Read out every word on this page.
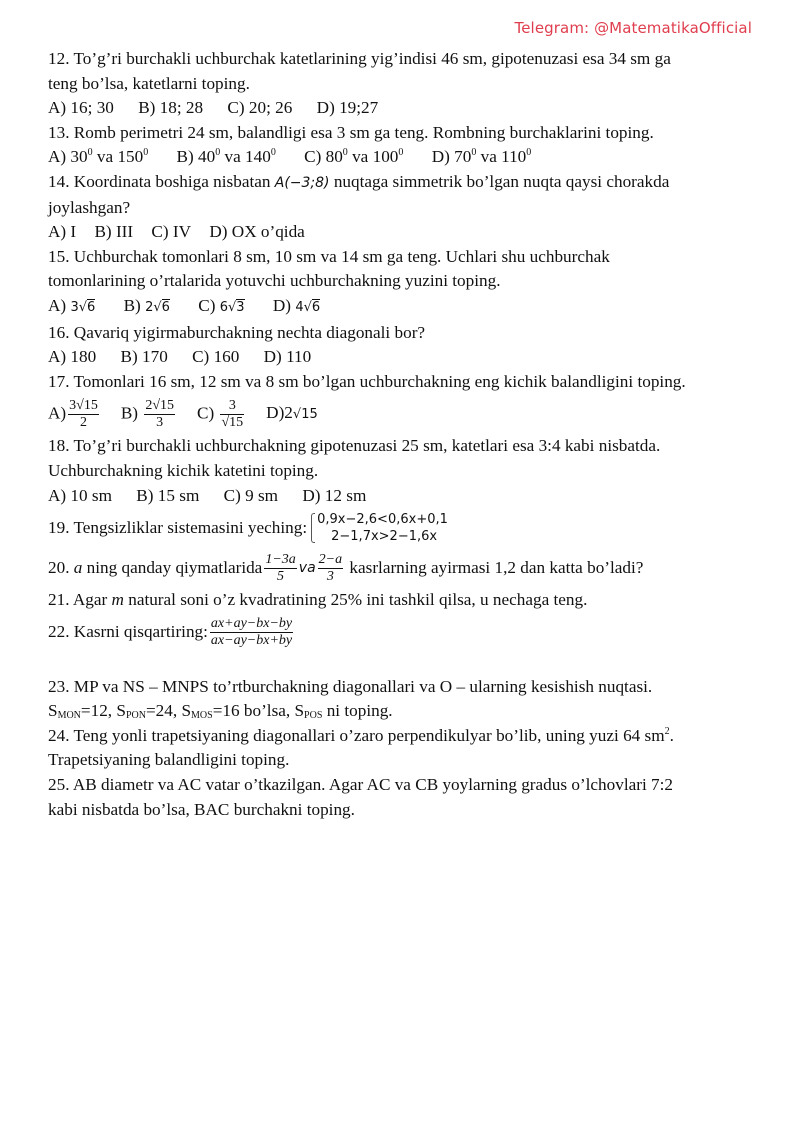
Telegram: @MatematikaOfficial
12. To’g’ri burchakli uchburchak katetlarining yig’indisi 46 sm, gipotenuzasi esa 34 sm ga
teng bo’lsa, katetlarni toping.
A) 16; 30 B) 18; 28 C) 20; 26 D) 19;27
13. Romb perimetri 24 sm, balandligi esa 3 sm ga teng. Rombning burchaklarini toping.
A) $30^0$ va $150^0$ B) $40^0$ va $140^0$ C) $80^0$ va $100^0$ D) $70^0$ va $110^0$
14. Koordinata boshiga nisbatan A(−3;8) nuqtaga simmetrik bo’lgan nuqta qaysi chorakda
joylashgan?
A) I B) III C) IV D) OX o’qida
15. Uchburchak tomonlari 8 sm, 10 sm va 14 sm ga teng. Uchlari shu uchburchak
tomonlarining o’rtalarida yotuvchi uchburchakning yuzini toping.
A) 3√6 B) 2√6 C) 6√3 D) 4√6
16. Qavariq yigirmaburchakning nechta diagonali bor?
A) 180 B) 170 C) 160 D) 110
17. Tomonlari 16 sm, 12 sm va 8 sm bo’lgan uchburchakning eng kichik balandligini toping.
$A) \frac{3√15}{2} B) \frac{2√15}{3} C) \frac{3}{√15} D)2√15$
18. To’g’ri burchakli uchburchakning gipotenuzasi 25 sm, katetlari esa 3:4 kabi nisbatda.
Uchburchakning kichik katetini toping.
A) 10 sm B) 15 sm C) 9 sm D) 12 sm
19. Tengsizliklar sistemasini yeching: 0,9x−2,6<0,6x+0,1
2−1,7x>2−1,6x
20.
a
ning qanday qiymatlarida $\frac{1-3a}{5}$ va $\frac{2-a}{3}$
kasrlarning ayirmasi 1,2 dan katta bo’ladi?
21. Agar m natural soni o’z kvadratining 25% ini tashkil qilsa, u nechaga teng.
22. Kasrni qisqartiring: $\frac{ax+ay-bx-by}{ax-ay-bx+by}$
23. MP va NS – MNPS to’rtburchakning diagonallari va O – ularning kesishish nuqtasi.
$S_{MON}=12$, $S_{PON}=24$, $S_{MOS}=16$ bo’lsa, $S_{POS}$ ni toping.
24. Teng yonli trapetsiyaning diagonallari o’zaro perpendikulyar bo’lib, uning yuzi 64 $sm^2$.
Trapetsiyaning balandligini toping.
25. AB diametr va AC vatar o’tkazilgan. Agar AC va CB yoylarning gradus o’lchovlari 7:2
kabi nisbatda bo’lsa, BAC burchakni toping.
